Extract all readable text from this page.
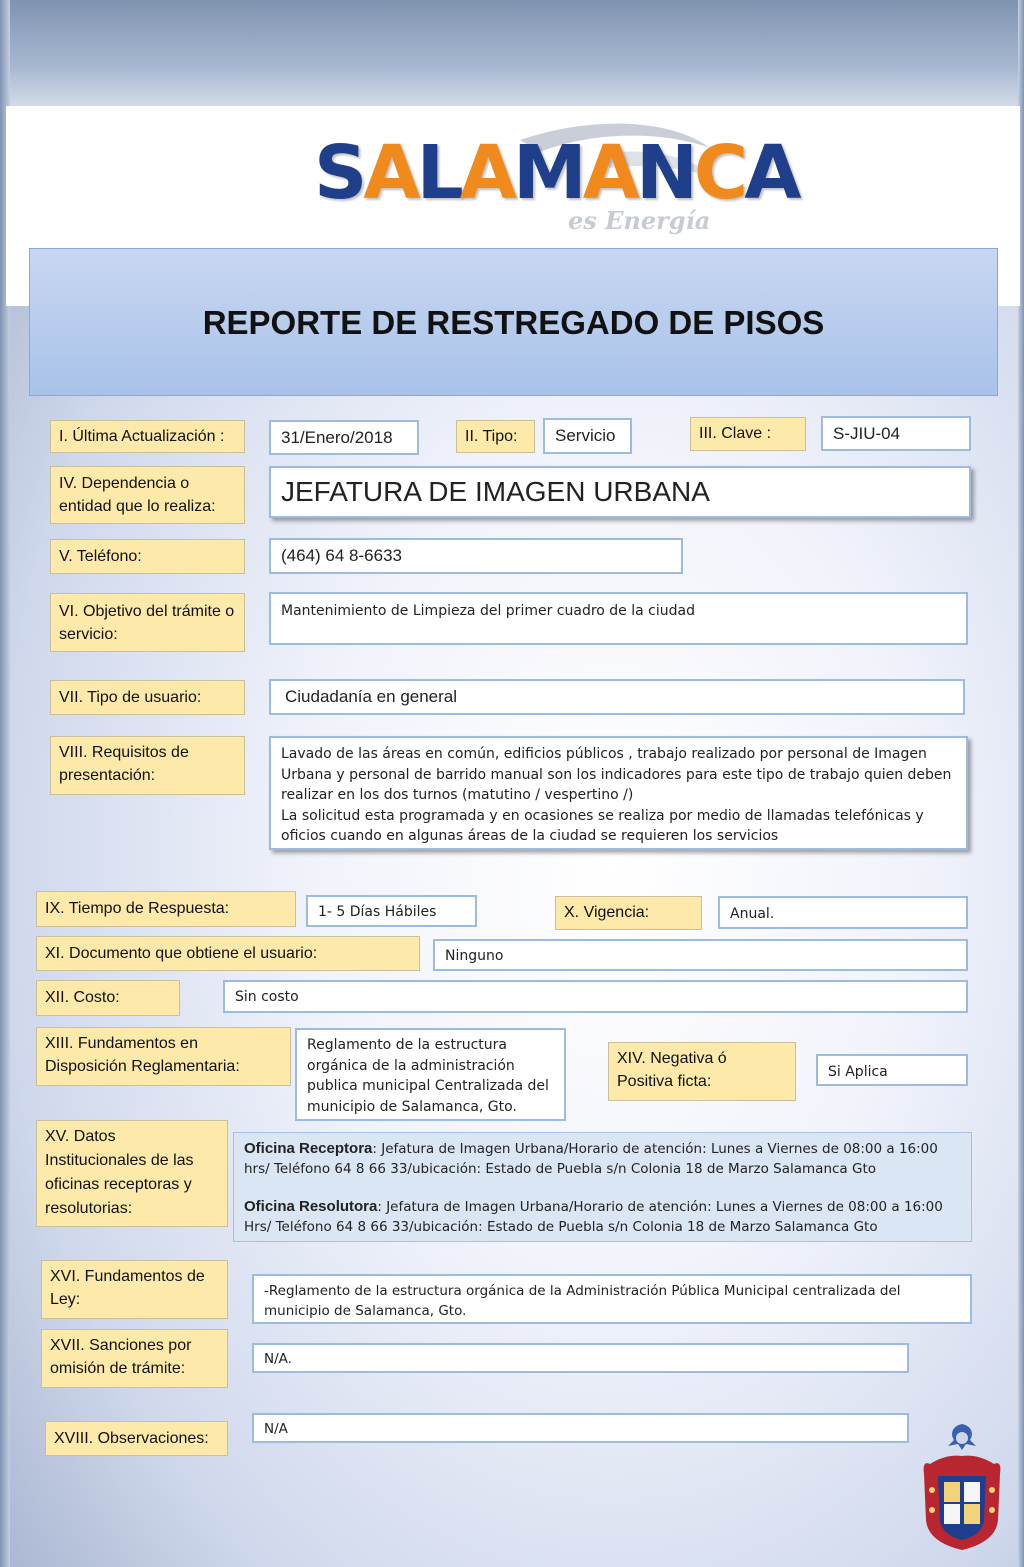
SALAMANCA
es Energía
REPORTE DE RESTREGADO DE PISOS
I. Última Actualización :	31/Enero/2018	II. Tipo:	Servicio	III. Clave :	S-JIU-04
IV. Dependencia o entidad que lo realiza:	JEFATURA DE IMAGEN URBANA
V. Teléfono:	(464) 64 8-6633
VI. Objetivo del trámite o servicio:
Mantenimiento de Limpieza del primer cuadro de la ciudad
VII. Tipo de usuario:	Ciudadanía en general
VIII. Requisitos de presentación:
Lavado de las áreas en común, edificios públicos , trabajo realizado por personal de Imagen Urbana y personal de barrido manual son los indicadores para este tipo de trabajo quien deben realizar en los dos turnos (matutino / vespertino /)
La solicitud esta programada y en ocasiones se realiza por medio de llamadas telefónicas y oficios cuando en algunas áreas de la ciudad se requieren los servicios
IX. Tiempo de Respuesta:	1- 5 Días Hábiles	X. Vigencia:	Anual.
XI. Documento que obtiene el usuario:	Ninguno
XII. Costo:	Sin costo
XIII. Fundamentos en Disposición Reglamentaria:
Reglamento de la estructura orgánica de la administración publica municipal Centralizada del municipio de Salamanca, Gto.
XIV. Negativa ó Positiva ficta:
Si Aplica
XV. Datos Institucionales de las oficinas receptoras y resolutorias:
Oficina Receptora: Jefatura de Imagen Urbana/Horario de atención: Lunes a Viernes de 08:00 a 16:00 hrs/ Teléfono 64 8 66 33/ubicación: Estado de Puebla s/n Colonia 18 de Marzo Salamanca Gto
Oficina Resolutora: Jefatura de Imagen Urbana/Horario de atención: Lunes a Viernes de 08:00 a 16:00 Hrs/ Teléfono 64 8 66 33/ubicación: Estado de Puebla s/n Colonia 18 de Marzo Salamanca Gto
XVI. Fundamentos de Ley:	-Reglamento de la estructura orgánica de la Administración Pública Municipal centralizada del municipio de Salamanca, Gto.
XVII. Sanciones por omisión de trámite:
N/A.
XVIII. Observaciones:
N/A
